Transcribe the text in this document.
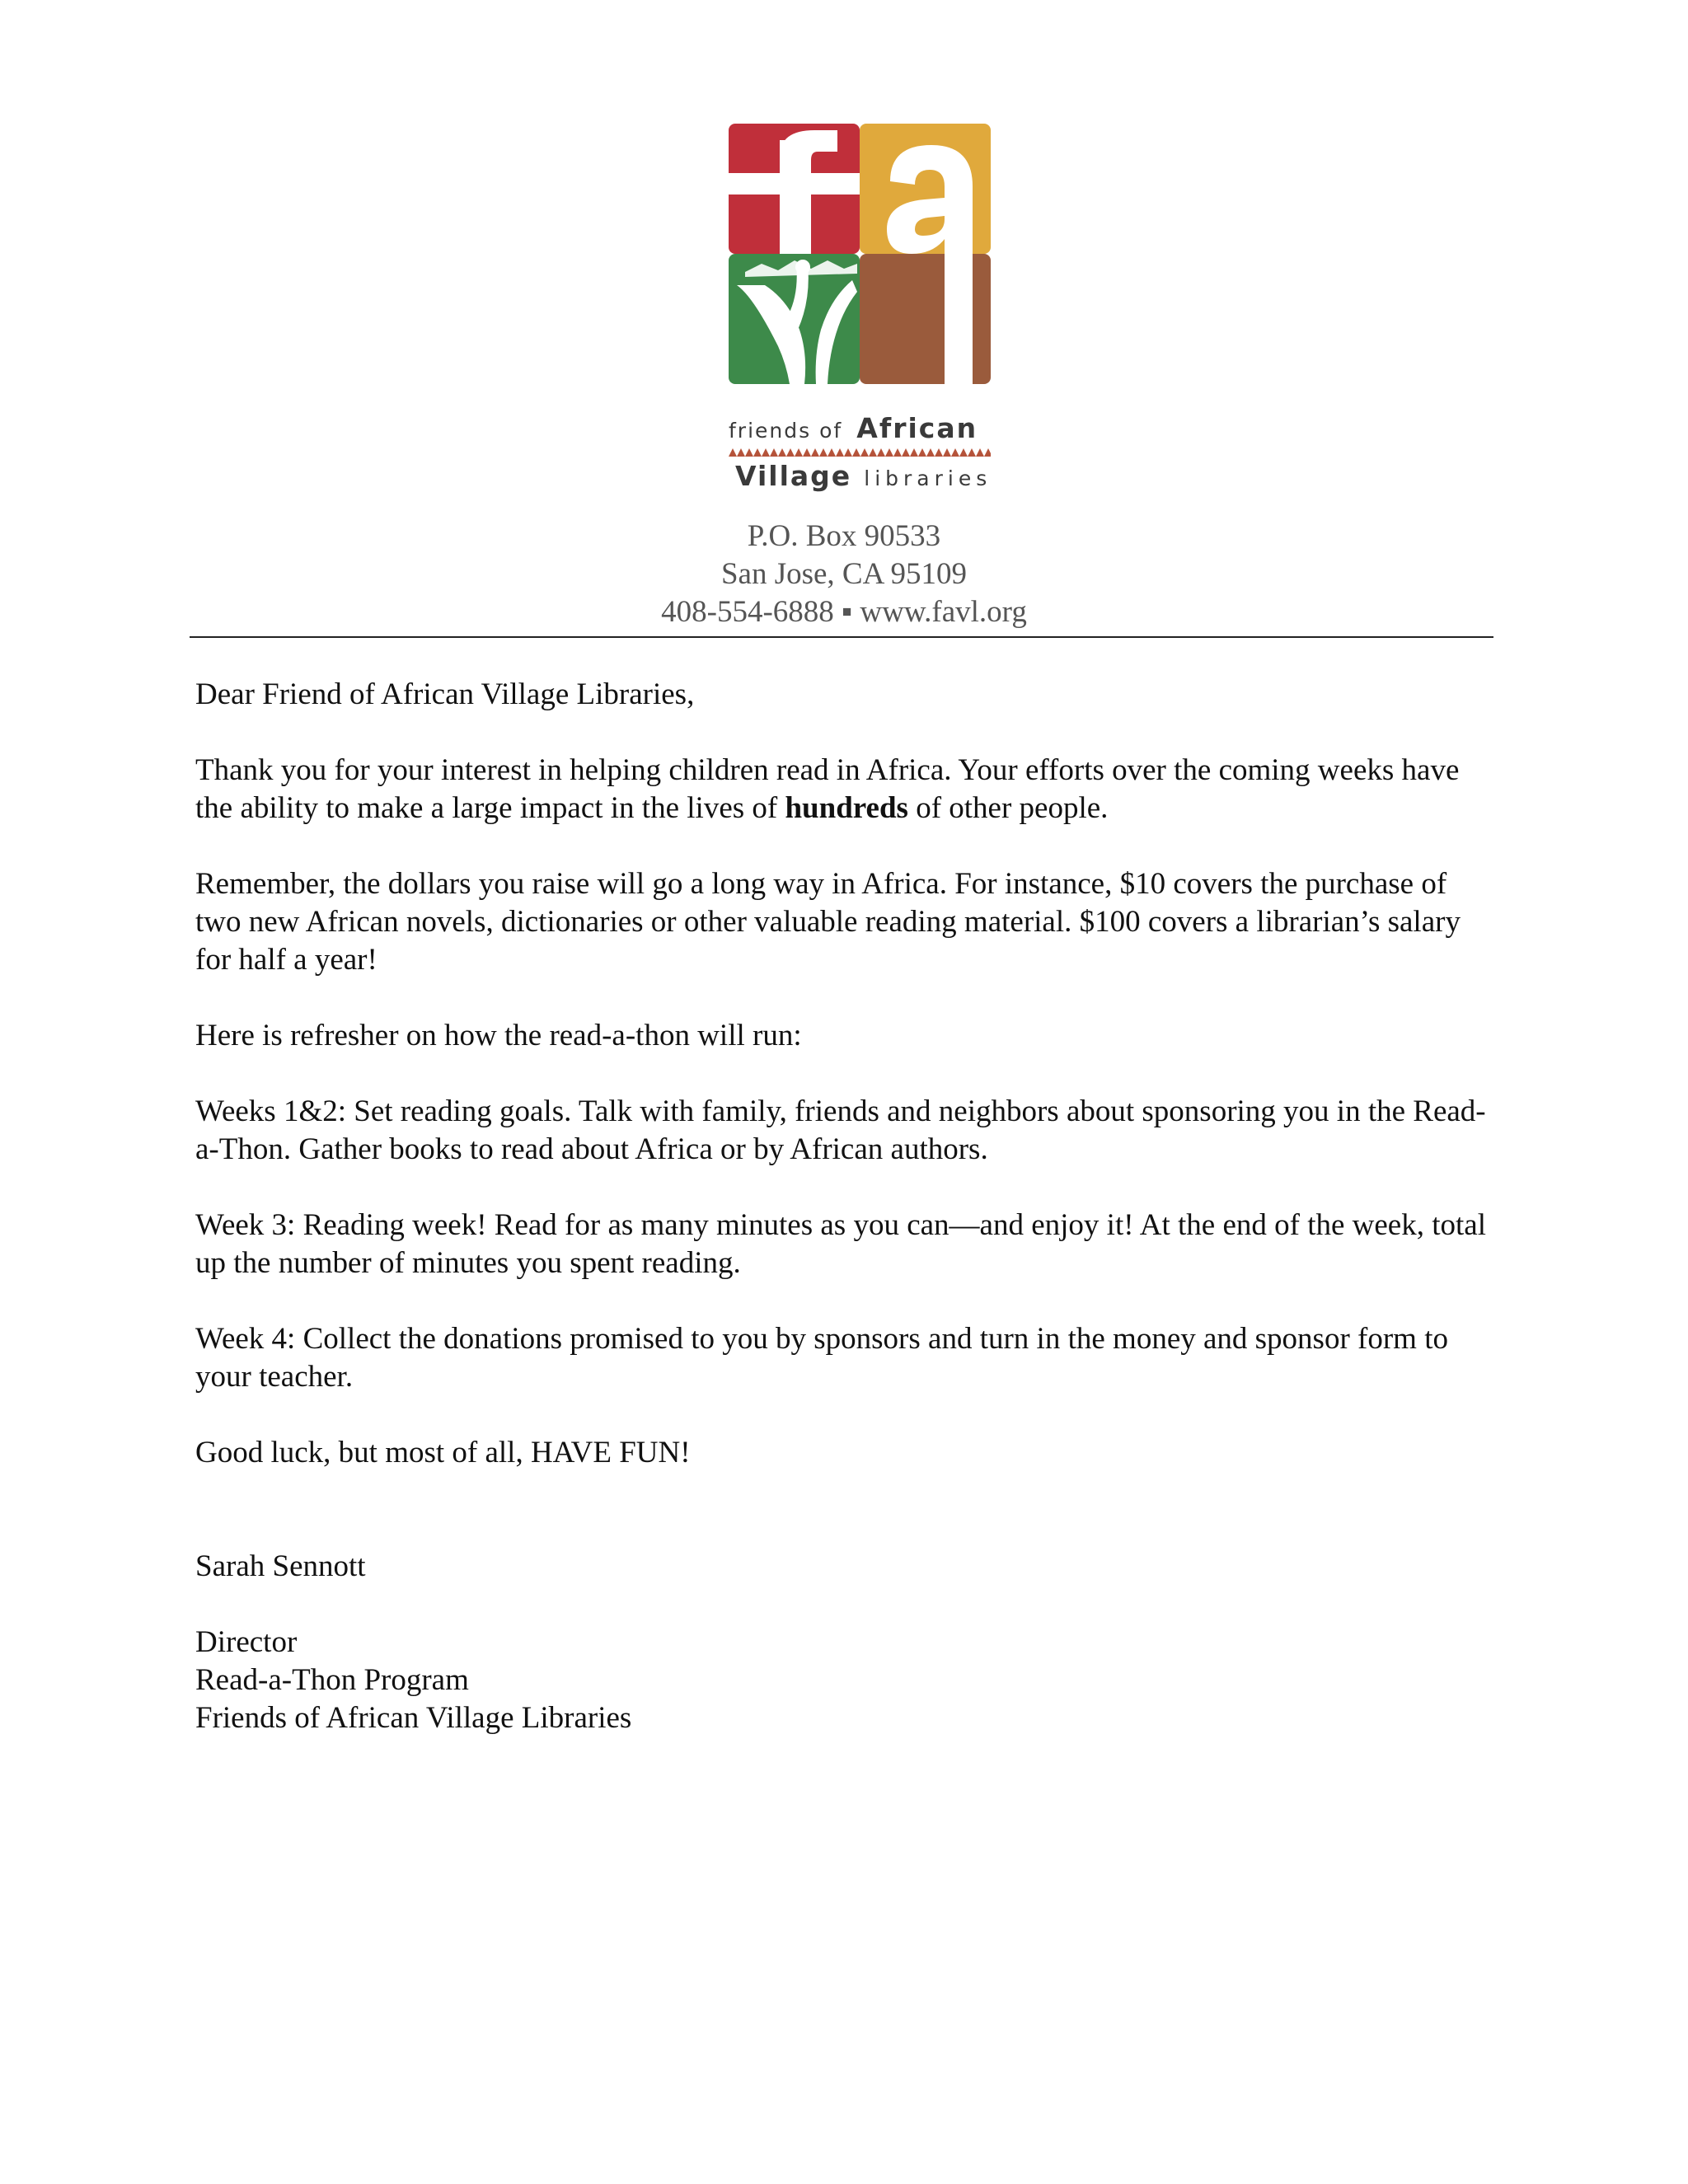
friends of African
Village libraries
P.O. Box 90533
San Jose, CA 95109
408-554-6888 ▪ www.favl.org

Dear Friend of African Village Libraries,

Thank you for your interest in helping children read in Africa. Your efforts over the coming weeks have the ability to make a large impact in the lives of hundreds of other people.

Remember, the dollars you raise will go a long way in Africa. For instance, $10 covers the purchase of two new African novels, dictionaries or other valuable reading material. $100 covers a librarian’s salary for half a year!

Here is refresher on how the read-a-thon will run:

Weeks 1&2: Set reading goals. Talk with family, friends and neighbors about sponsoring you in the Read-a-Thon. Gather books to read about Africa or by African authors.

Week 3: Reading week! Read for as many minutes as you can—and enjoy it! At the end of the week, total up the number of minutes you spent reading.

Week 4: Collect the donations promised to you by sponsors and turn in the money and sponsor form to your teacher.

Good luck, but most of all, HAVE FUN!

Sarah Sennott

Director

Read-a-Thon Program

Friends of African Village Libraries
